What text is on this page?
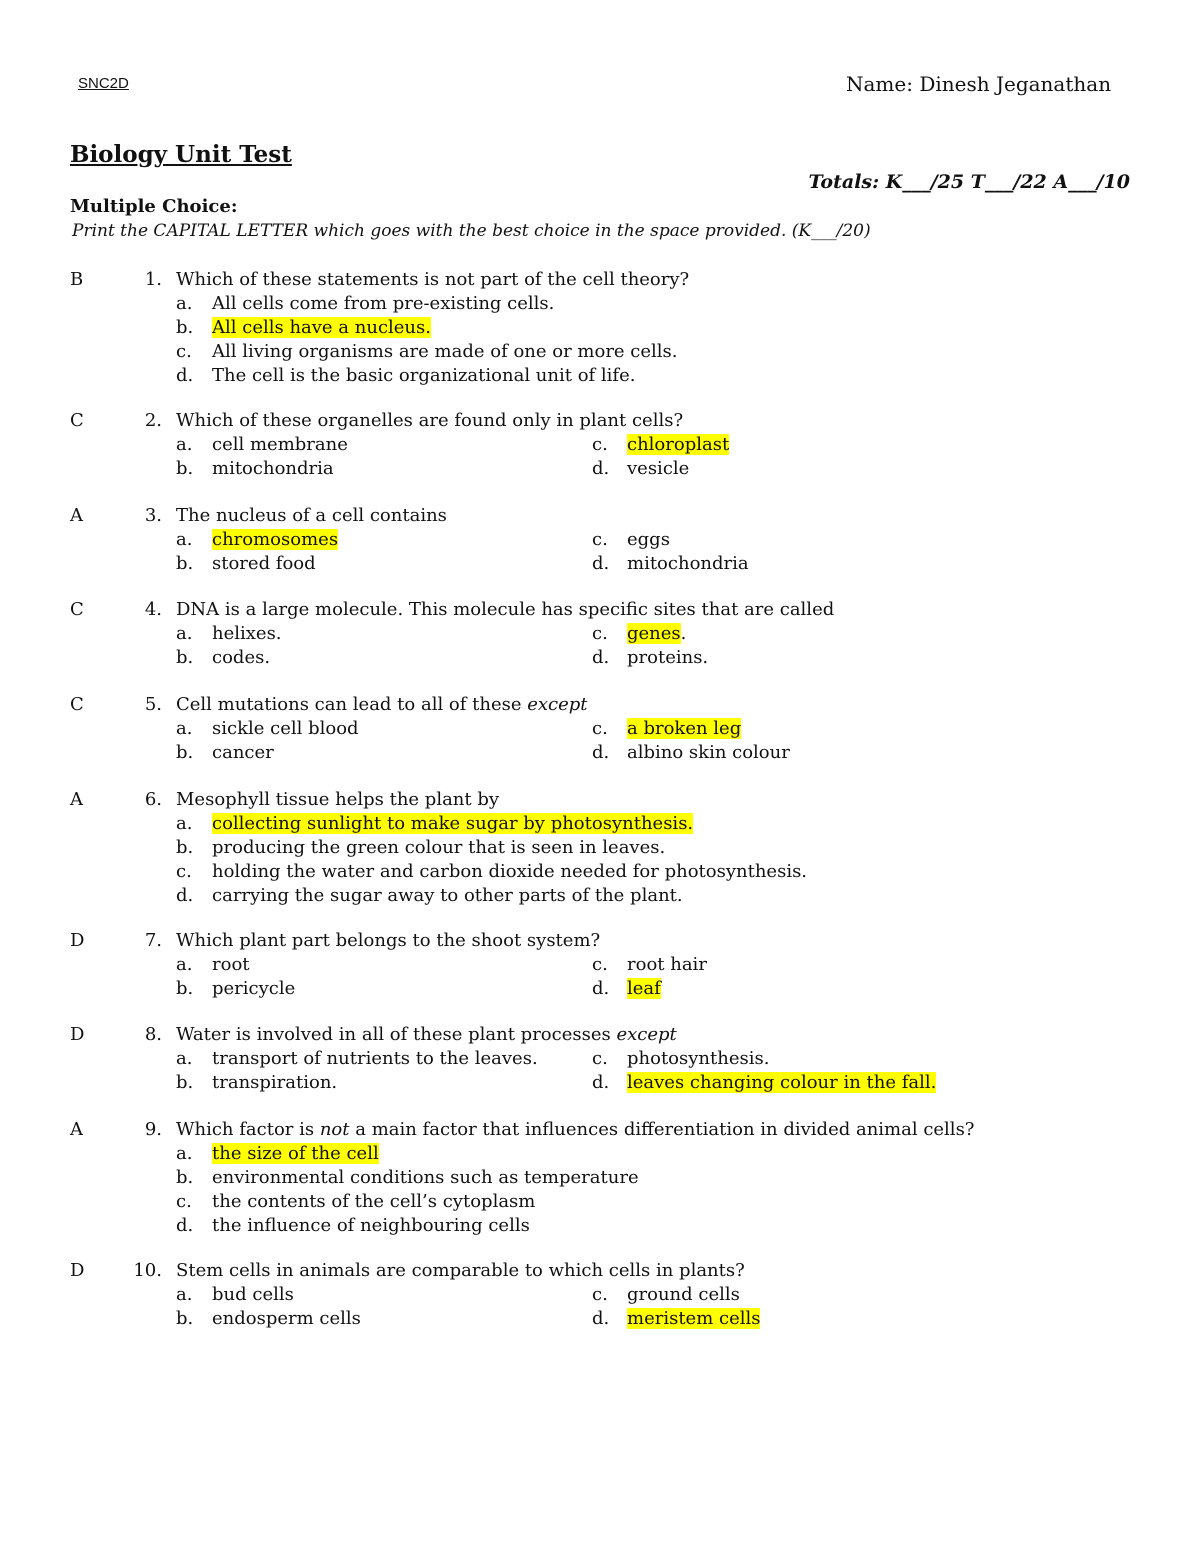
SNC2D	Name: Dinesh Jeganathan
Biology Unit Test
Totals: K___/25 T___/22 A___/10
Multiple Choice:
Print the CAPITAL LETTER which goes with the best choice in the space provided. (K___/20)
B	1. Which of these statements is not part of the cell theory?
a. All cells come from pre-existing cells.
b. All cells have a nucleus.
c. All living organisms are made of one or more cells.
d. The cell is the basic organizational unit of life.
C	2. Which of these organelles are found only in plant cells?
a. cell membrane	c. chloroplast
b. mitochondria	d. vesicle
A	3. The nucleus of a cell contains
a. chromosomes	c. eggs
b. stored food	d. mitochondria
C	4. DNA is a large molecule. This molecule has specific sites that are called
a. helixes.	c. genes.
b. codes.	d. proteins.
C	5. Cell mutations can lead to all of these except
a. sickle cell blood	c. a broken leg
b. cancer	d. albino skin colour
A	6. Mesophyll tissue helps the plant by
a. collecting sunlight to make sugar by photosynthesis.
b. producing the green colour that is seen in leaves.
c. holding the water and carbon dioxide needed for photosynthesis.
d. carrying the sugar away to other parts of the plant.
D	7. Which plant part belongs to the shoot system?
a. root	c. root hair
b. pericycle	d. leaf
D	8. Water is involved in all of these plant processes except
a. transport of nutrients to the leaves.	c. photosynthesis.
b. transpiration.	d. leaves changing colour in the fall.
A	9. Which factor is not a main factor that influences differentiation in divided animal cells?
a. the size of the cell
b. environmental conditions such as temperature
c. the contents of the cell’s cytoplasm
d. the influence of neighbouring cells
D	10. Stem cells in animals are comparable to which cells in plants?
a. bud cells	c. ground cells
b. endosperm cells	d. meristem cells
